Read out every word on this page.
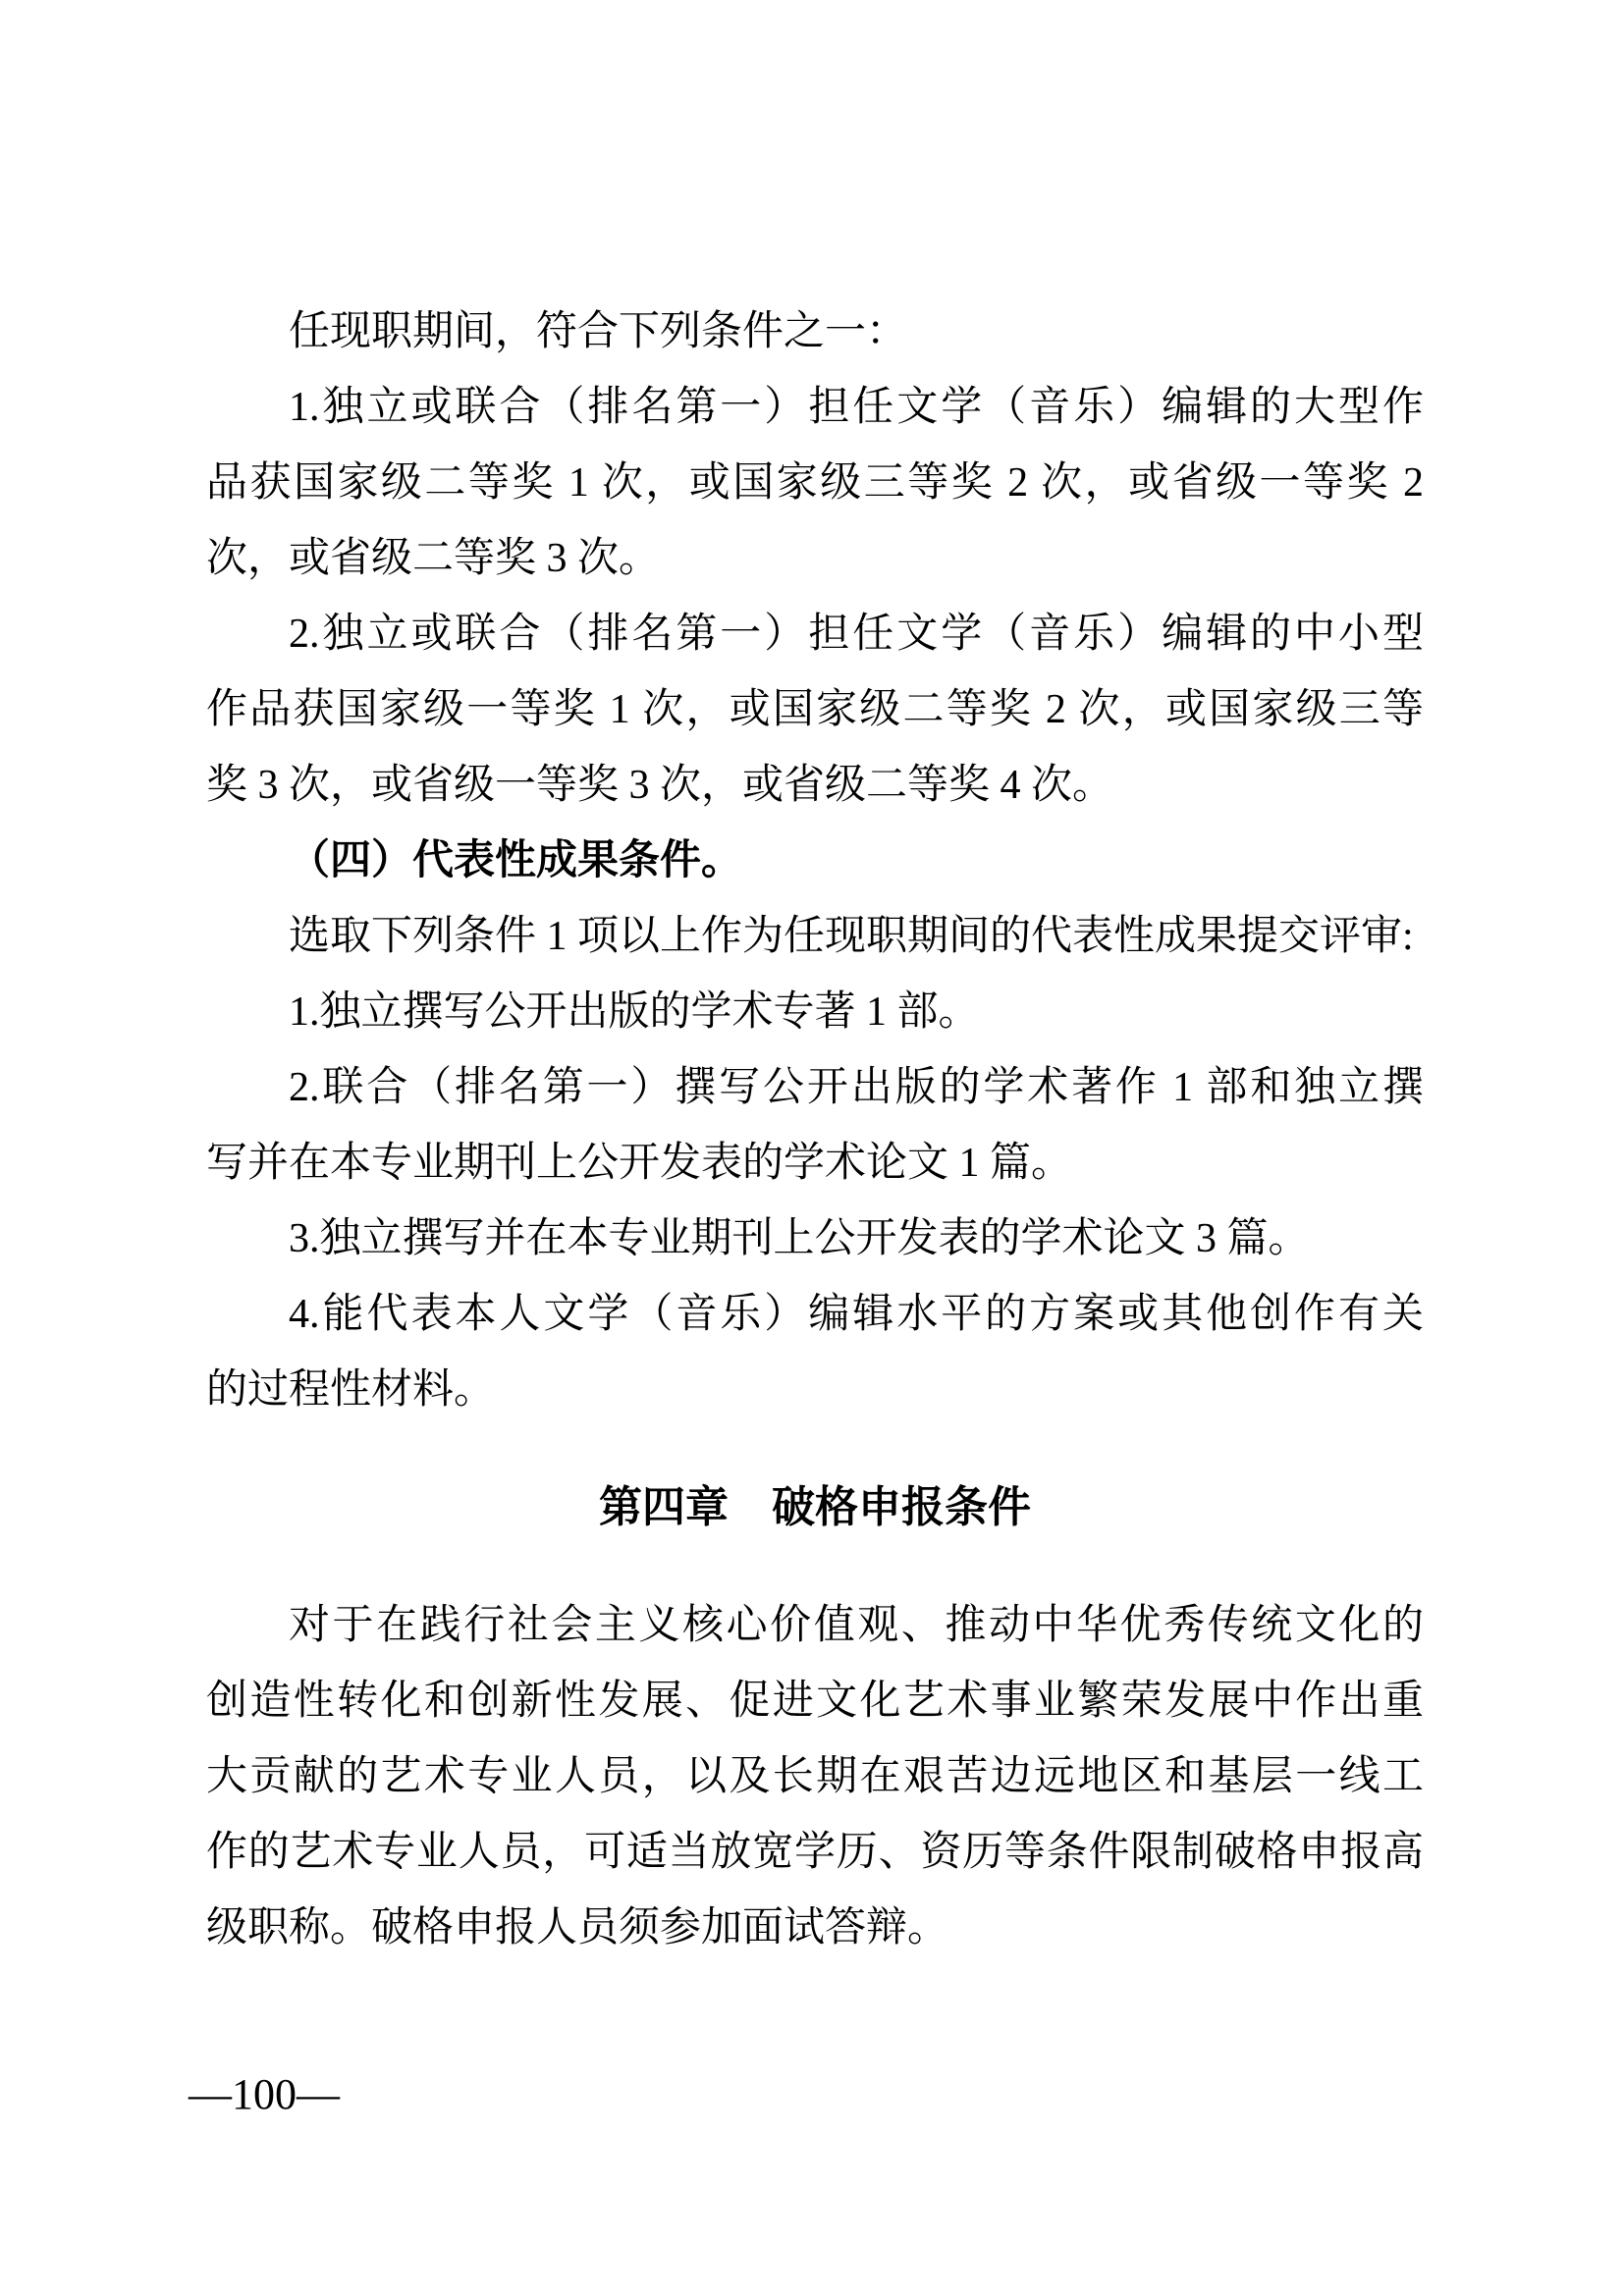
任现职期间，符合下列条件之一：
1.独立或联合（排名第一）担任文学（音乐）编辑的大型作
品获国家级二等奖 1 次，或国家级三等奖 2 次，或省级一等奖 2
次，或省级二等奖 3 次。
2.独立或联合（排名第一）担任文学（音乐）编辑的中小型
作品获国家级一等奖 1 次，或国家级二等奖 2 次，或国家级三等
奖 3 次，或省级一等奖 3 次，或省级二等奖 4 次。
（四）代表性成果条件。
选取下列条件 1 项以上作为任现职期间的代表性成果提交评审:
1.独立撰写公开出版的学术专著 1 部。
2.联合（排名第一）撰写公开出版的学术著作 1 部和独立撰
写并在本专业期刊上公开发表的学术论文 1 篇。
3.独立撰写并在本专业期刊上公开发表的学术论文 3 篇。
4.能代表本人文学（音乐）编辑水平的方案或其他创作有关
的过程性材料。
第四章　破格申报条件
对于在践行社会主义核心价值观、推动中华优秀传统文化的
创造性转化和创新性发展、促进文化艺术事业繁荣发展中作出重
大贡献的艺术专业人员，以及长期在艰苦边远地区和基层一线工
作的艺术专业人员，可适当放宽学历、资历等条件限制破格申报高
级职称。破格申报人员须参加面试答辩。
—100—
